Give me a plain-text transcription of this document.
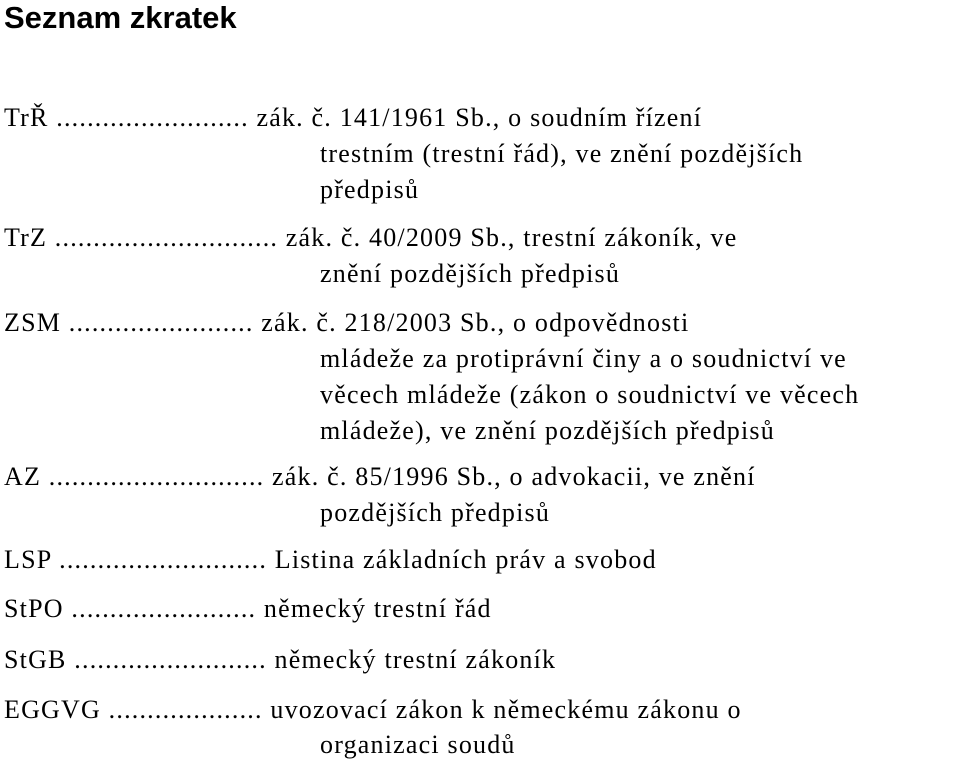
Seznam zkratek
TrŘ ......................... zák. č. 141/1961 Sb., o soudním řízení
trestním (trestní řád), ve znění pozdějších
předpisů
TrZ ............................. zák. č. 40/2009 Sb., trestní zákoník, ve
znění pozdějších předpisů
ZSM ........................ zák. č. 218/2003 Sb., o odpovědnosti
mládeže za protiprávní činy a o soudnictví ve
věcech mládeže (zákon o soudnictví ve věcech
mládeže), ve znění pozdějších předpisů
AZ ............................ zák. č. 85/1996 Sb., o advokacii, ve znění
pozdějších předpisů
LSP ........................... Listina základních práv a svobod
StPO ........................ německý trestní řád
StGB ......................... německý trestní zákoník
EGGVG .................... uvozovací zákon k německému zákonu o
organizaci soudů
